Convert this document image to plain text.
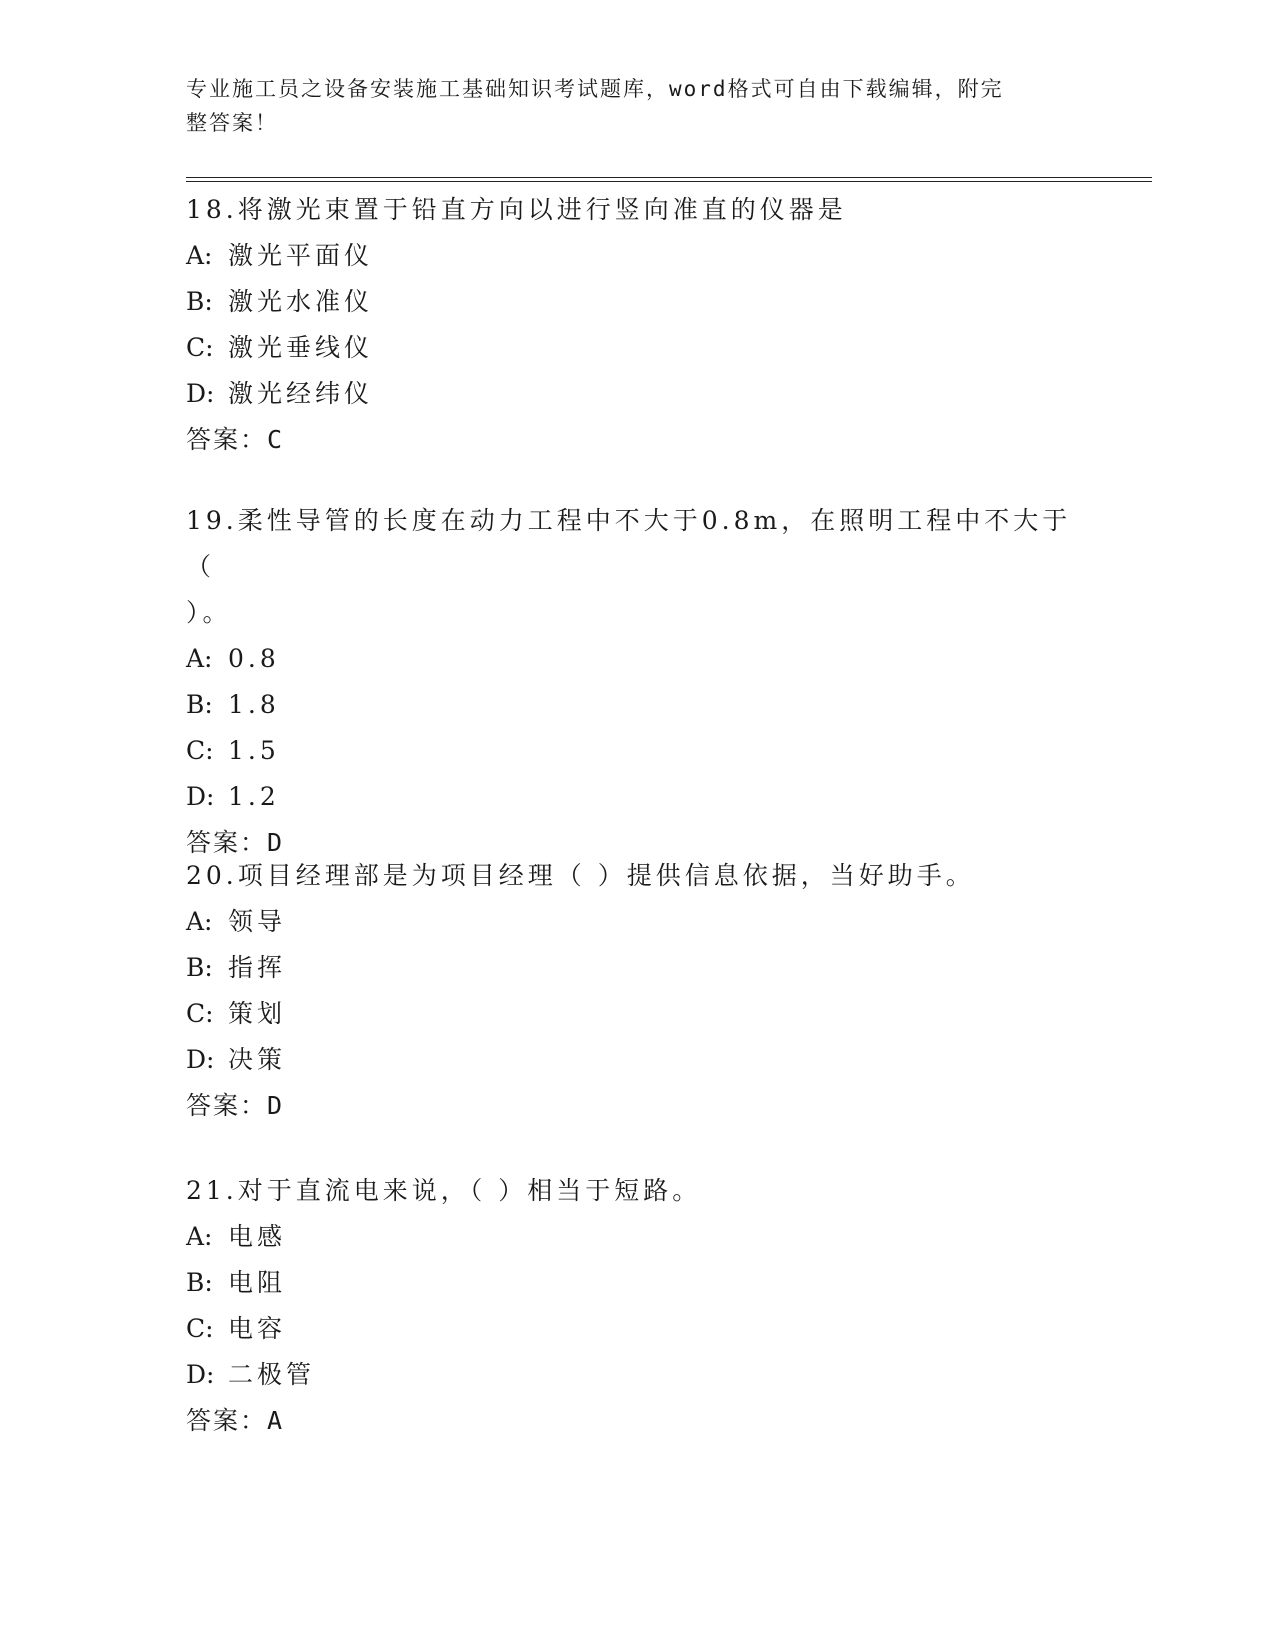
专业施工员之设备安装施工基础知识考试题库，word格式可自由下载编辑，附完
整答案！

18.将激光束置于铅直方向以进行竖向准直的仪器是

A: 激光平面仪

B: 激光水准仪

C: 激光垂线仪

D: 激光经纬仪

答案：C

19.柔性导管的长度在动力工程中不大于0.8m，在照明工程中不大于（

）。

A: 0.8

B: 1.8

C: 1.5

D: 1.2

答案：D

20.项目经理部是为项目经理（ ）提供信息依据，当好助手。

A: 领导

B: 指挥

C: 策划

D: 决策

答案：D

21.对于直流电来说，（ ）相当于短路。

A: 电感

B: 电阻

C: 电容

D: 二极管

答案：A
